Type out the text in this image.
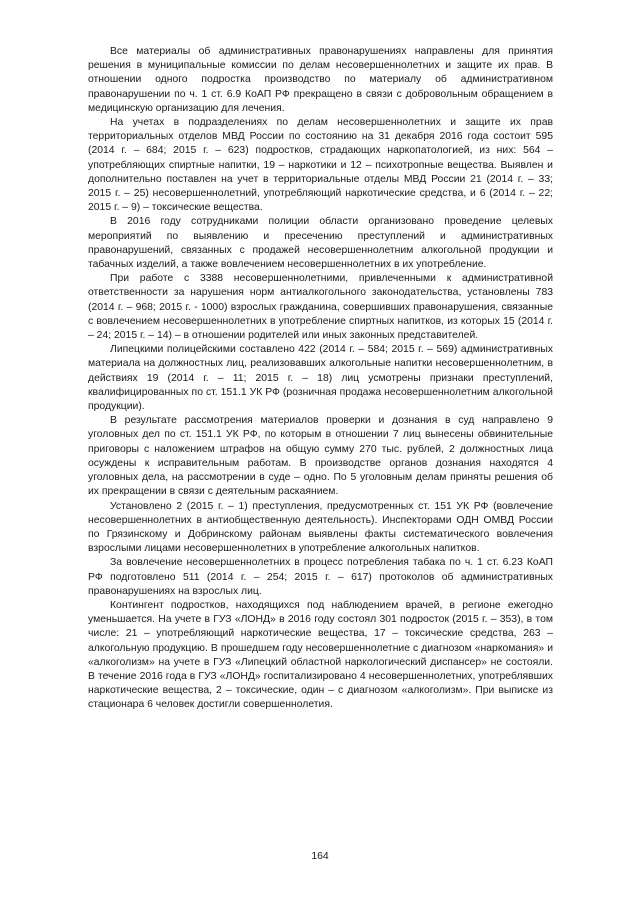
Все материалы об административных правонарушениях направлены для принятия решения в муниципальные комиссии по делам несовершеннолетних и защите их прав. В отношении одного подростка производство по материалу об административном правонарушении по ч. 1 ст. 6.9 КоАП РФ прекращено в связи с добровольным обращением в медицинскую организацию для лечения.

На учетах в подразделениях по делам несовершеннолетних и защите их прав территориальных отделов МВД России по состоянию на 31 декабря 2016 года состоит 595 (2014 г. – 684; 2015 г. – 623) подростков, страдающих наркопатологией, из них: 564 – употребляющих спиртные напитки, 19 – наркотики и 12 – психотропные вещества. Выявлен и дополнительно поставлен на учет в территориальные отделы МВД России 21 (2014 г. – 33; 2015 г. – 25) несовершеннолетний, употребляющий наркотические средства, и 6 (2014 г. – 22; 2015 г. – 9) – токсические вещества.

В 2016 году сотрудниками полиции области организовано проведение целевых мероприятий по выявлению и пресечению преступлений и административных правонарушений, связанных с продажей несовершеннолетним алкогольной продукции и табачных изделий, а также вовлечением несовершеннолетних в их употребление.

При работе с 3388 несовершеннолетними, привлеченными к административной ответственности за нарушения норм антиалкогольного законодательства, установлены 783 (2014 г. – 968; 2015 г. - 1000) взрослых гражданина, совершивших правонарушения, связанные с вовлечением несовершеннолетних в употребление спиртных напитков, из которых 15 (2014 г. – 24; 2015 г. – 14) – в отношении родителей или иных законных представителей.

Липецкими полицейскими составлено 422 (2014 г. – 584; 2015 г. – 569) административных материала на должностных лиц, реализовавших алкогольные напитки несовершеннолетним, в действиях 19 (2014 г. – 11; 2015 г. – 18) лиц усмотрены признаки преступлений, квалифицированных по ст. 151.1 УК РФ (розничная продажа несовершеннолетним алкогольной продукции).

В результате рассмотрения материалов проверки и дознания в суд направлено 9 уголовных дел по ст. 151.1 УК РФ, по которым в отношении 7 лиц вынесены обвинительные приговоры с наложением штрафов на общую сумму 270 тыс. рублей, 2 должностных лица осуждены к исправительным работам. В производстве органов дознания находятся 4 уголовных дела, на рассмотрении в суде – одно. По 5 уголовным делам приняты решения об их прекращении в связи с деятельным раскаянием.

Установлено 2 (2015 г. – 1) преступления, предусмотренных ст. 151 УК РФ (вовлечение несовершеннолетних в антиобщественную деятельность). Инспекторами ОДН ОМВД России по Грязинскому и Добринскому районам выявлены факты систематического вовлечения взрослыми лицами несовершеннолетних в употребление алкогольных напитков.

За вовлечение несовершеннолетних в процесс потребления табака по ч. 1 ст. 6.23 КоАП РФ подготовлено 511 (2014 г. – 254; 2015 г. – 617) протоколов об административных правонарушениях на взрослых лиц.

Контингент подростков, находящихся под наблюдением врачей, в регионе ежегодно уменьшается. На учете в ГУЗ «ЛОНД» в 2016 году состоял 301 подросток (2015 г. – 353), в том числе: 21 – употребляющий наркотические вещества, 17 – токсические средства, 263 – алкогольную продукцию. В прошедшем году несовершеннолетние с диагнозом «наркомания» и «алкоголизм» на учете в ГУЗ «Липецкий областной наркологический диспансер» не состояли. В течение 2016 года в ГУЗ «ЛОНД» госпитализировано 4 несовершеннолетних, употреблявших наркотические вещества, 2 – токсические, один – с диагнозом «алкоголизм». При выписке из стационара 6 человек достигли совершеннолетия.

164
